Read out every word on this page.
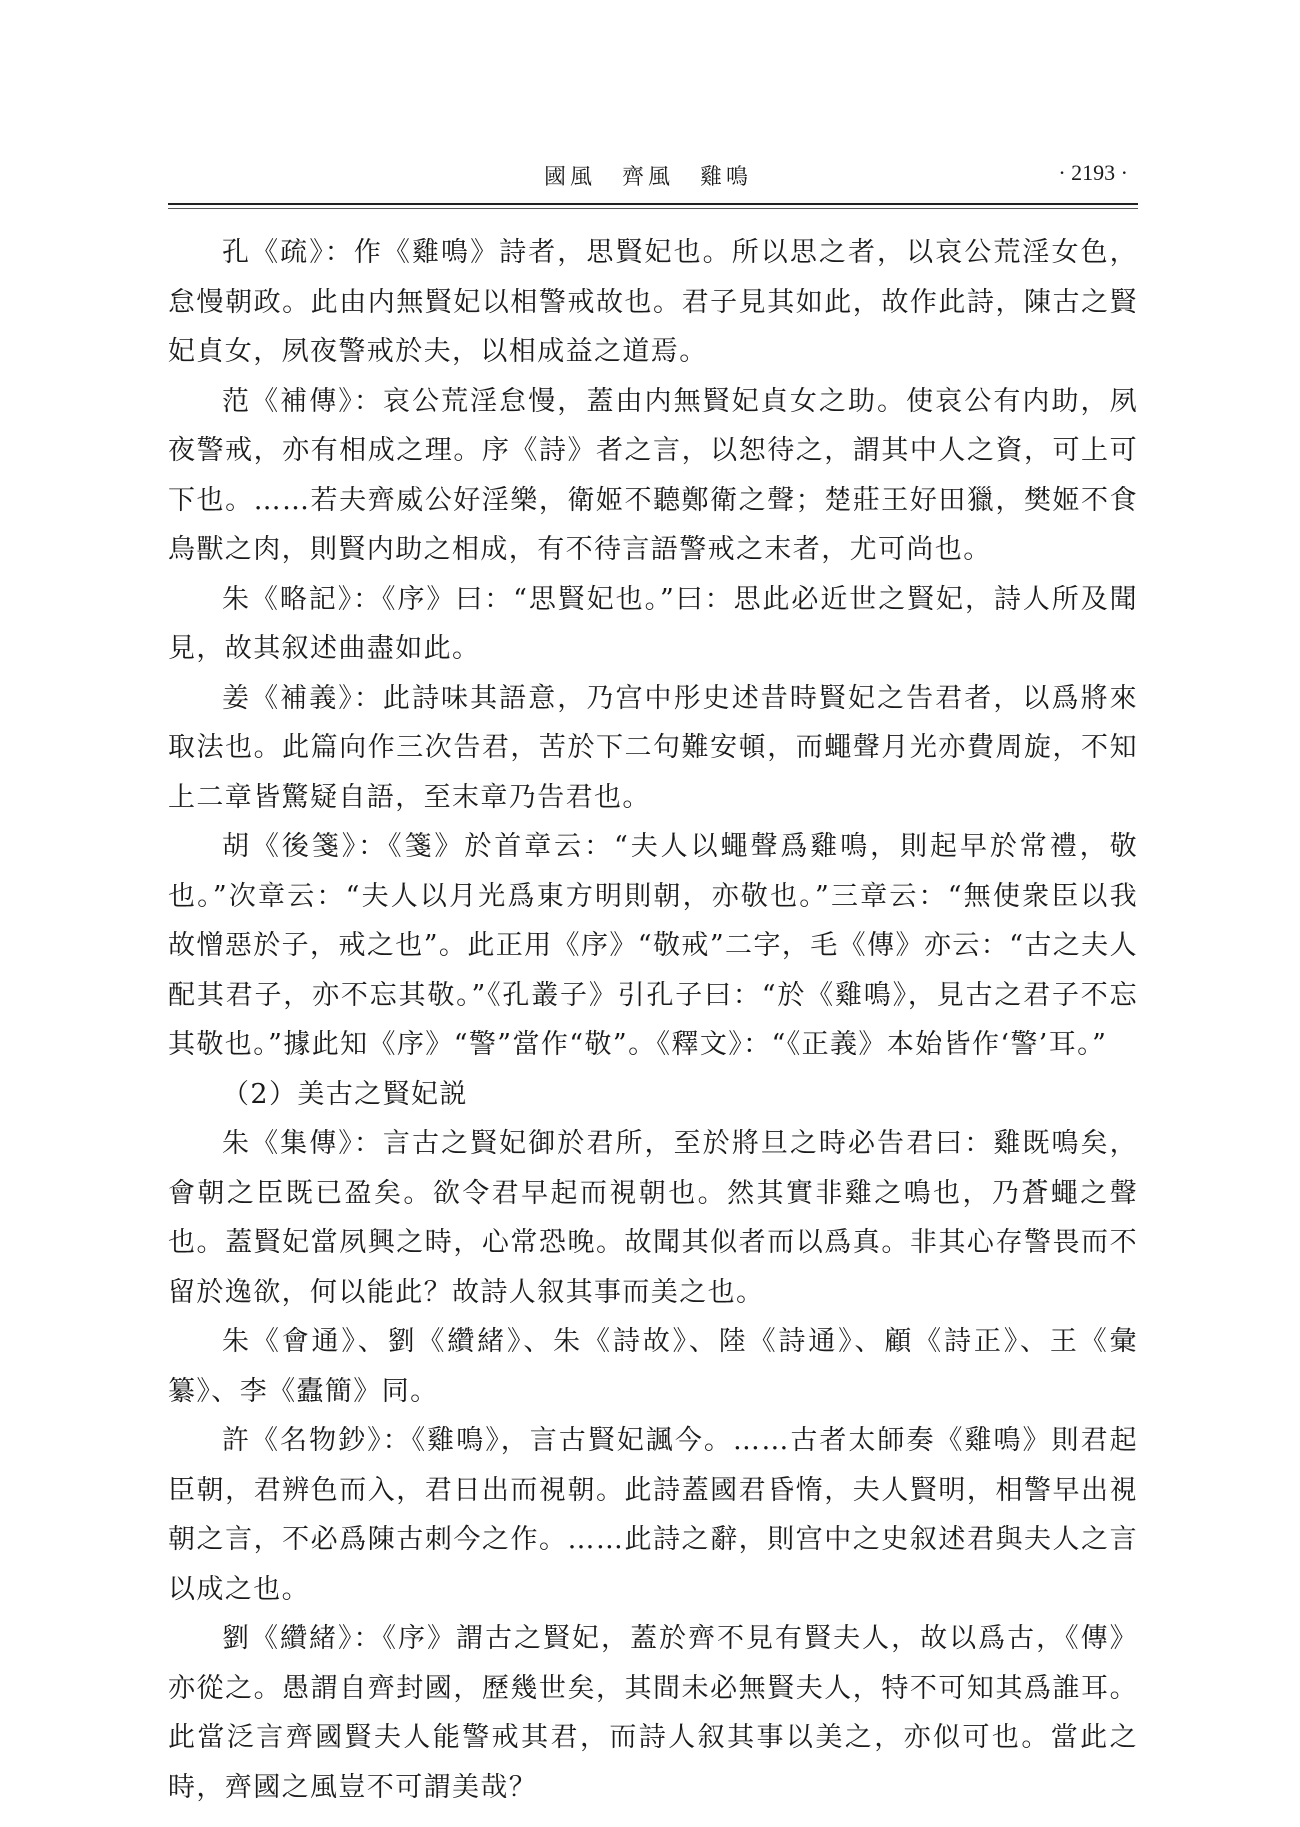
國風　齊風　雞鳴	· 2193 ·

孔《疏》：作《雞鳴》詩者，思賢妃也。所以思之者，以哀公荒淫女色，怠慢朝政。此由内無賢妃以相警戒故也。君子見其如此，故作此詩，陳古之賢妃貞女，夙夜警戒於夫，以相成益之道焉。

范《補傳》：哀公荒淫怠慢，蓋由内無賢妃貞女之助。使哀公有内助，夙夜警戒，亦有相成之理。序《詩》者之言，以恕待之，謂其中人之資，可上可下也。……若夫齊威公好淫樂，衛姬不聽鄭衛之聲；楚莊王好田獵，樊姬不食鳥獸之肉，則賢内助之相成，有不待言語警戒之末者，尤可尚也。

朱《略記》：《序》曰：“思賢妃也。”曰：思此必近世之賢妃，詩人所及聞見，故其叙述曲盡如此。

姜《補義》：此詩味其語意，乃宫中彤史述昔時賢妃之告君者，以爲將來取法也。此篇向作三次告君，苦於下二句難安頓，而蠅聲月光亦費周旋，不知上二章皆驚疑自語，至末章乃告君也。

胡《後箋》：《箋》於首章云：“夫人以蠅聲爲雞鳴，則起早於常禮，敬也。”次章云：“夫人以月光爲東方明則朝，亦敬也。”三章云：“無使衆臣以我故憎惡於子，戒之也”。此正用《序》“敬戒”二字，毛《傳》亦云：“古之夫人配其君子，亦不忘其敬。”《孔叢子》引孔子曰：“於《雞鳴》，見古之君子不忘其敬也。”據此知《序》“警”當作“敬”。《釋文》：“《正義》本始皆作‘警’耳。”

（2）美古之賢妃説

朱《集傳》：言古之賢妃御於君所，至於將旦之時必告君曰：雞既鳴矣，會朝之臣既已盈矣。欲令君早起而視朝也。然其實非雞之鳴也，乃蒼蠅之聲也。蓋賢妃當夙興之時，心常恐晚。故聞其似者而以爲真。非其心存警畏而不留於逸欲，何以能此？故詩人叙其事而美之也。

朱《會通》、劉《纘緒》、朱《詩故》、陸《詩通》、顧《詩正》、王《彙纂》、李《蠹簡》同。

許《名物鈔》：《雞鳴》，言古賢妃諷今。……古者太師奏《雞鳴》則君起臣朝，君辨色而入，君日出而視朝。此詩蓋國君昏惰，夫人賢明，相警早出視朝之言，不必爲陳古刺今之作。……此詩之辭，則宫中之史叙述君與夫人之言以成之也。

劉《纘緒》：《序》謂古之賢妃，蓋於齊不見有賢夫人，故以爲古，《傳》亦從之。愚謂自齊封國，歷幾世矣，其間未必無賢夫人，特不可知其爲誰耳。此當泛言齊國賢夫人能警戒其君，而詩人叙其事以美之，亦似可也。當此之時，齊國之風豈不可謂美哉？
